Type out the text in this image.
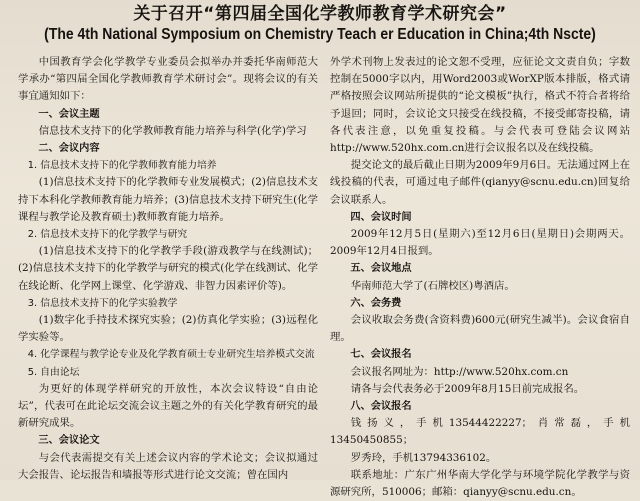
关于召开“第四届全国化学教师教育学术研究会”
(The 4th National Symposium on Chemistry Teach er Education in China;4th Nscte)

中国教育学会化学教学专业委员会拟举办并委托华南师范大学承办“第四届全国化学教师教育学术研讨会”。现将会议的有关事宜通知如下：

一、会议主题

信息技术支持下的化学教师教育能力培养与科学(化学)学习

二、会议内容

1. 信息技术支持下的化学教师教育能力培养

(1)信息技术支持下的化学教师专业发展模式；(2)信息技术支持下本科化学教师教育能力培养；(3)信息技术支持下研究生(化学课程与教学论及教育硕士)教师教育能力培养。

2. 信息技术支持下的化学教学与研究

(1)信息技术支持下的化学教学手段(游戏教学与在线测试)；(2)信息技术支持下的化学教学与研究的模式(化学在线测试、化学在线论断、化学网上课堂、化学游戏、非智力因素评价等)。

3. 信息技术支持下的化学实验教学

(1)数字化手持技术探究实验；(2)仿真化学实验；(3)远程化学实验等。

4. 化学课程与教学论专业及化学教育硕士专业研究生培养模式交流

5. 自由论坛

为更好的体现学样研究的开放性，本次会议特设“自由论坛”，代表可在此论坛交流会议主题之外的有关化学教育研究的最新研究成果。

三、会议论文

与会代表需提交有关上述会议内容的学术论文；会议拟通过大会报告、论坛报告和墙报等形式进行论文交流；曾在国内

外学术刊物上发表过的论文恕不受理，应征论文文责自负；字数控制在5000字以内，用Word2003或WorXP版本排版，格式请严格按照会议网站所提供的“论文模板”执行，格式不符合者将给予退回；同时，会议论文只接受在线投稿，不接受邮寄投稿，请各代表注意，以免重复投稿。与会代表可登陆会议网站http://www.520hx.com.cn进行会议报名以及在线投稿。

提交论文的最后截止日期为2009年9月6日。无法通过网上在线投稿的代表，可通过电子邮件(qianyy@scnu.edu.cn)回复给会议联系人。

四、会议时间

2009年12月5日(星期六)至12月6日(星期日)会期两天。2009年12月4日报到。

五、会议地点

华南师范大学了(石牌校区)粤酒店。

六、会务费

会议收取会务费(含资料费)600元(研究生减半)。会议食宿自理。

七、会议报名

会议报名网址为：http://www.520hx.com.cn

请各与会代表务必于2009年8月15日前完成报名。

八、会议报名

钱扬义，手机13544422227；肖常磊，手机13450450855；

罗秀玲，手机13794336102。

联系地址：广东广州华南大学化学与环境学院化学教学与资源研究所，510006；邮箱：qianyy@scnu.edu.cn。
